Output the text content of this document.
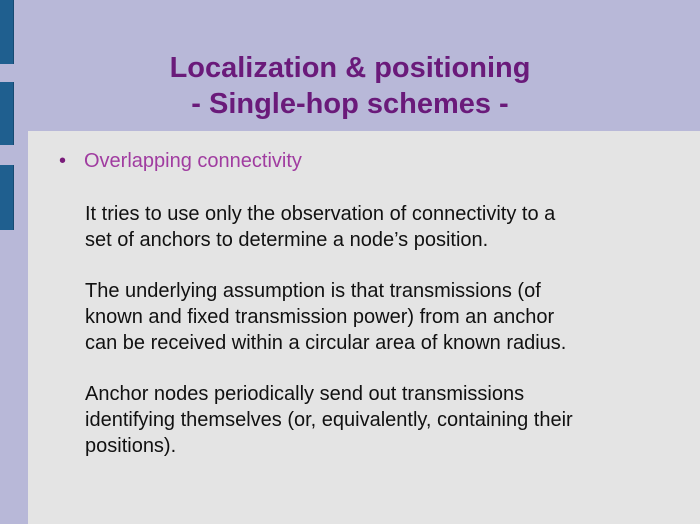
Localization & positioning
- Single-hop schemes -
• Overlapping connectivity
It tries to use only the observation of connectivity to a
set of anchors to determine a node’s position.
The underlying assumption is that transmissions (of
known and fixed transmission power) from an anchor
can be received within a circular area of known radius.
Anchor nodes periodically send out transmissions
identifying themselves (or, equivalently, containing their
positions).
